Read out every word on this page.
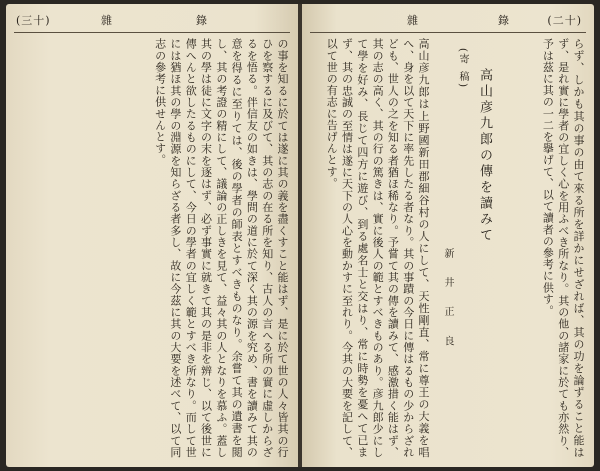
(三十)	雜	錄
の事を知るに於ては遂に其の義を盡くすこと能はず、是に於て世の人々皆其の行ひを察するに及びて、其の志の在る所を知り、古人の言へる所の實に虛しからざるを悟る。伴信友の如きは、學問の道に於て深く其の源を究め、書を讀みて其の意を得るに至りては、後の學者の師表とすべきものなり。余嘗て其の遺書を閲し、其の考證の精にして、議論の正しきを見て、益々其の人となりを慕ふ。蓋し其の學は徒に文字の末を逐はず、必ず事實に就きて其の是非を辨じ、以て後世に傳へんと欲したるものにして、今日の學者の宜しく範とすべき所なり。而して世には猶ほ其の學の淵源を知らざる者多し、故に今茲に其の大要を述べて、以て同志の參考に供せんとす。
雜	錄	(二十)
らず、しかも其の事の由て來る所を詳かにせざれば、其の功を論ずること能はず、是れ實に學者の宜しく心を用ふべき所なり。其の他の諸家に於ても亦然り、予は茲に其の一二を擧げて、以て讀者の參考に供す。
高山彦九郎の傳を讀みて
(寄 稿)
新 井 正 良
高山彦九郎は上野國新田郡細谷村の人にして、天性剛直、常に尊王の大義を唱へ、身を以て天下に率先したる者なり。其の事蹟の今日に傳はるもの少からざれども、世人の之を知る者猶ほ稀なり。予嘗て其の傳を讀みて、感激措く能はず、其の志の高く、其の行の篤きは、實に後人の範とすべきものあり。彦九郎少にして學を好み、長じて四方に遊び、到る處名士と交はり、常に時勢を憂へて已まず、其の忠誠の至情は遂に天下の人心を動かすに至れり。今其の大要を記して、以て世の有志に告げんとす。
